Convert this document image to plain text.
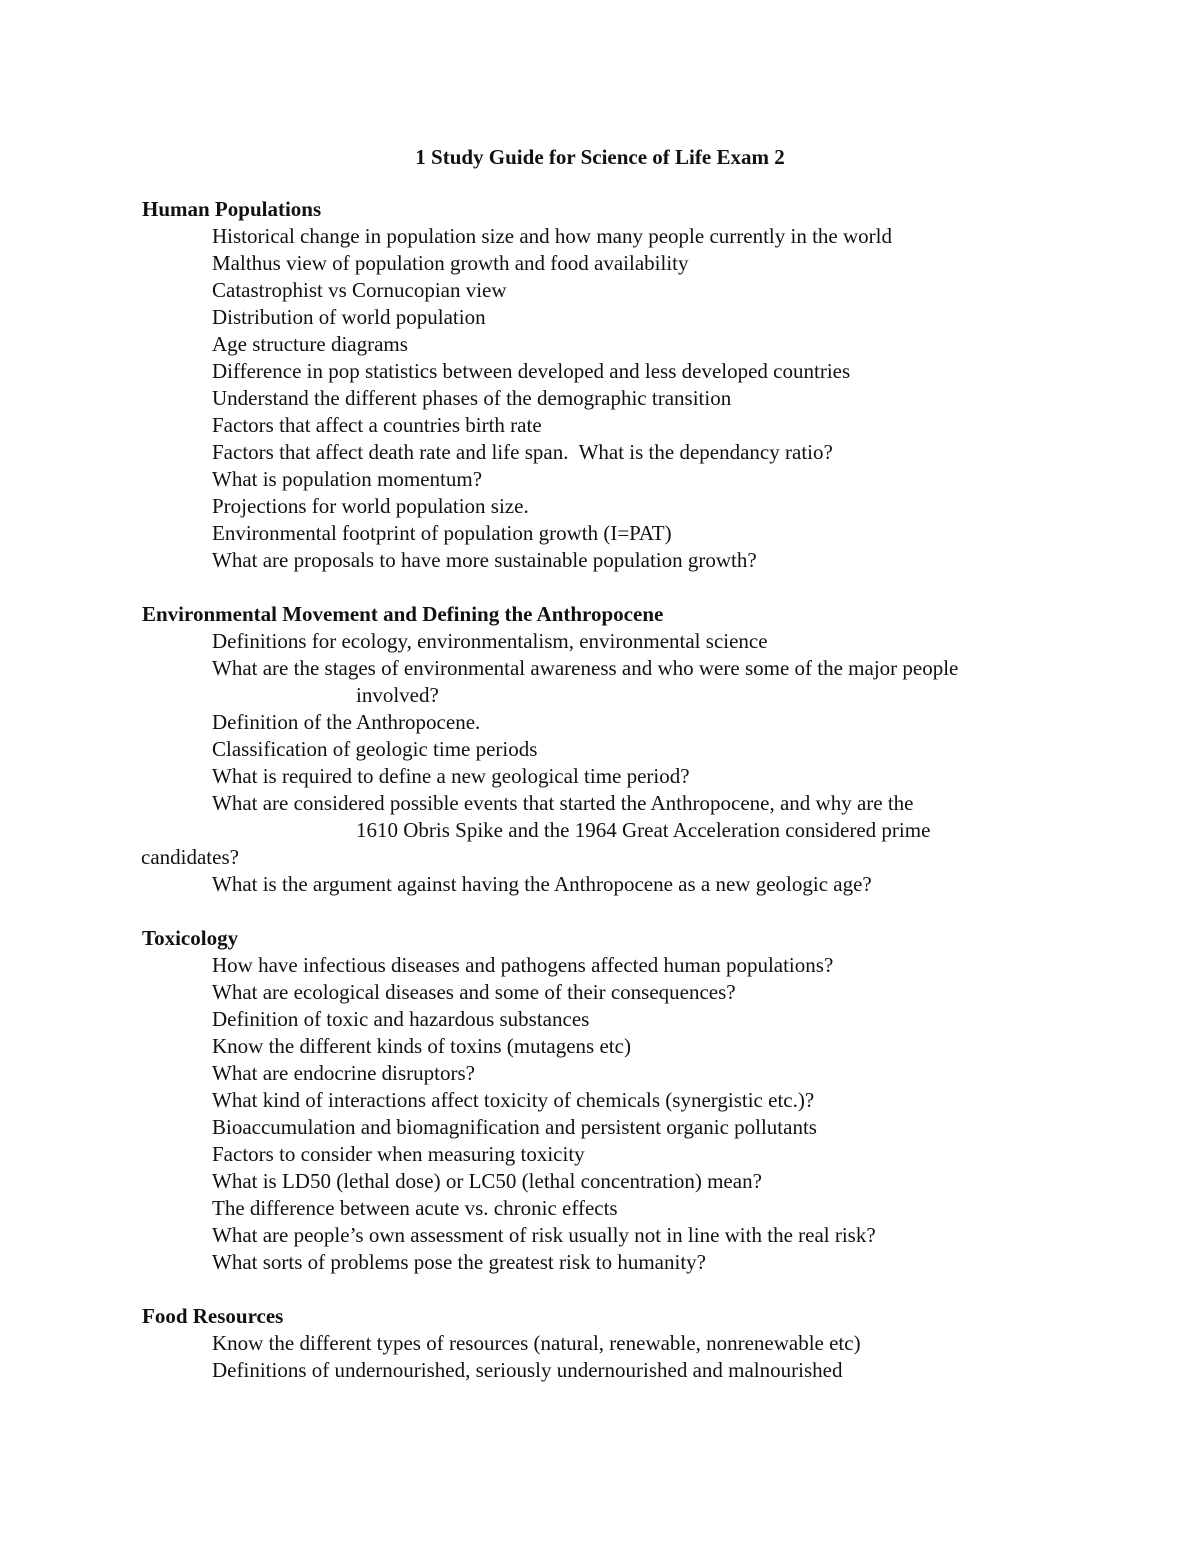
1 Study Guide for Science of Life Exam 2
Human Populations
Historical change in population size and how many people currently in the world
Malthus view of population growth and food availability
Catastrophist vs Cornucopian view
Distribution of world population
Age structure diagrams
Difference in pop statistics between developed and less developed countries
Understand the different phases of the demographic transition
Factors that affect a countries birth rate
Factors that affect death rate and life span.  What is the dependancy ratio?
What is population momentum?
Projections for world population size.
Environmental footprint of population growth (I=PAT)
What are proposals to have more sustainable population growth?
Environmental Movement and Defining the Anthropocene
Definitions for ecology, environmentalism, environmental science
What are the stages of environmental awareness and who were some of the major people
involved?
Definition of the Anthropocene.
Classification of geologic time periods
What is required to define a new geological time period?
What are considered possible events that started the Anthropocene, and why are the
1610 Obris Spike and the 1964 Great Acceleration considered prime
candidates?
What is the argument against having the Anthropocene as a new geologic age?
Toxicology
How have infectious diseases and pathogens affected human populations?
What are ecological diseases and some of their consequences?
Definition of toxic and hazardous substances
Know the different kinds of toxins (mutagens etc)
What are endocrine disruptors?
What kind of interactions affect toxicity of chemicals (synergistic etc.)?
Bioaccumulation and biomagnification and persistent organic pollutants
Factors to consider when measuring toxicity
What is LD50 (lethal dose) or LC50 (lethal concentration) mean?
The difference between acute vs. chronic effects
What are people’s own assessment of risk usually not in line with the real risk?
What sorts of problems pose the greatest risk to humanity?
Food Resources
Know the different types of resources (natural, renewable, nonrenewable etc)
Definitions of undernourished, seriously undernourished and malnourished
